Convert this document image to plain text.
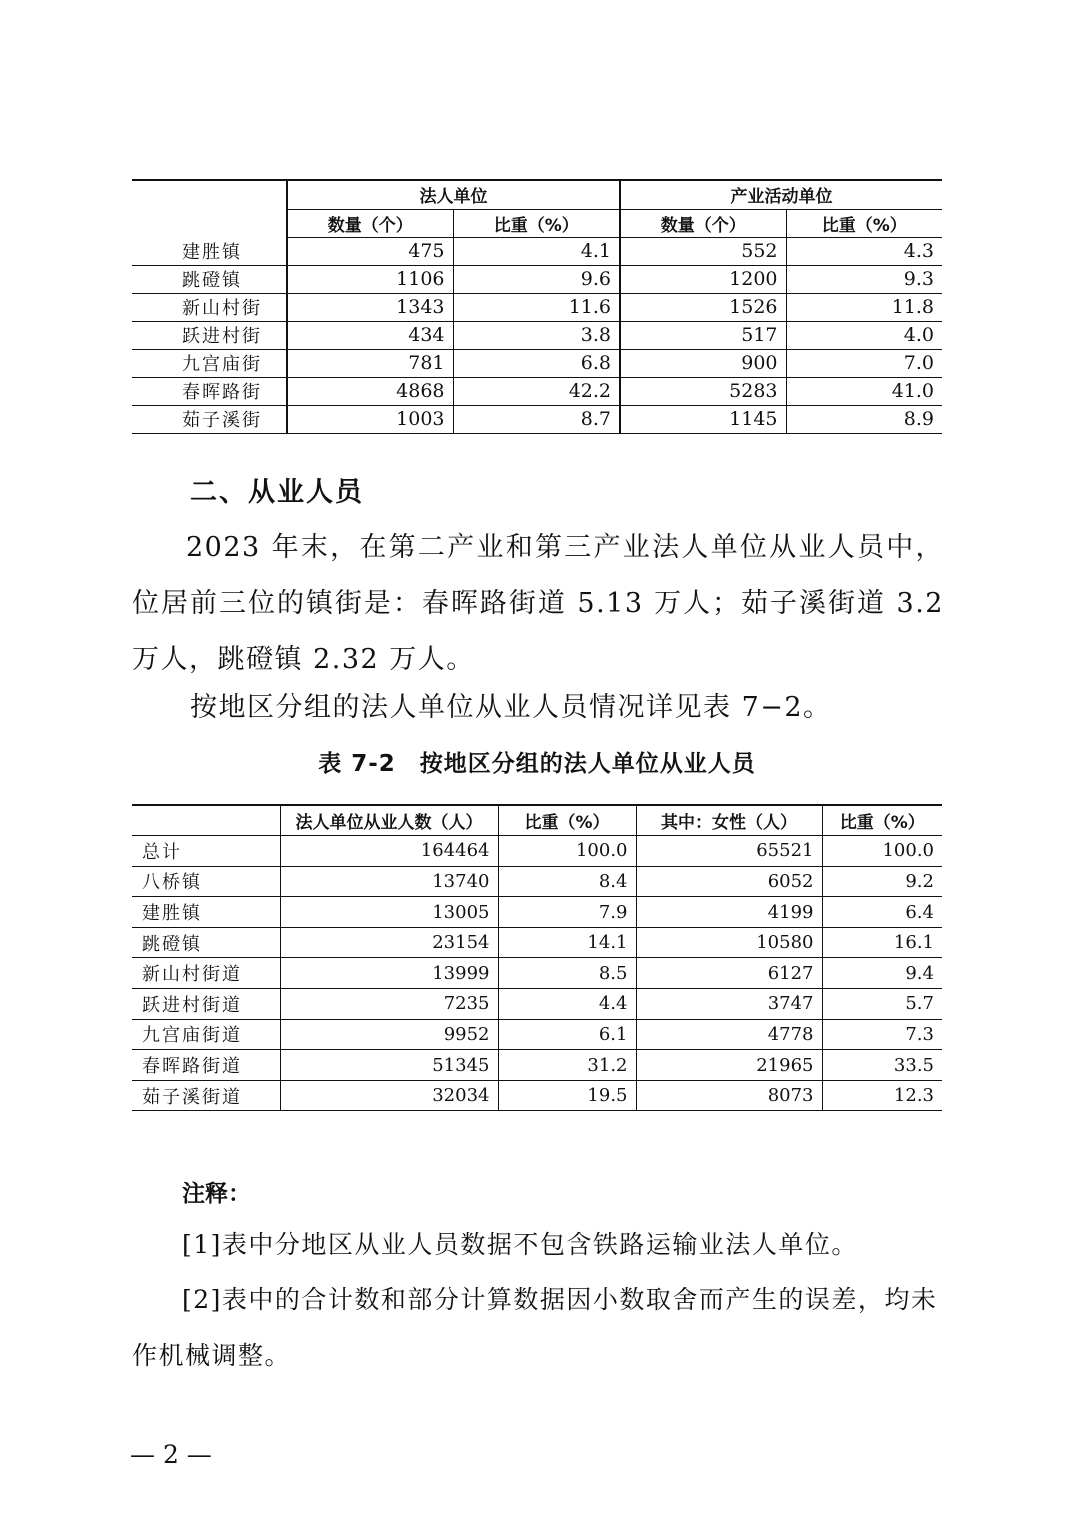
	法人单位		产业活动单位	
	数量（个）	比重（%）	数量（个）	比重（%）
建胜镇	475	4.1	552	4.3
跳磴镇	1106	9.6	1200	9.3
新山村街	1343	11.6	1526	11.8
跃进村街	434	3.8	517	4.0
九宫庙街	781	6.8	900	7.0
春晖路街	4868	42.2	5283	41.0
茹子溪街	1003	8.7	1145	8.9
二、从业人员
2023 年末，在第二产业和第三产业法人单位从业人员中，位居前三位的镇街是：春晖路街道 5.13 万人；茹子溪街道 3.2 万人，跳磴镇 2.32 万人。
按地区分组的法人单位从业人员情况详见表 7−2。
表 7-2　按地区分组的法人单位从业人员
	法人单位从业人数（人）	比重（%）	其中：女性（人）	比重（%）
总计	164464	100.0	65521	100.0
八桥镇	13740	8.4	6052	9.2
建胜镇	13005	7.9	4199	6.4
跳磴镇	23154	14.1	10580	16.1
新山村街道	13999	8.5	6127	9.4
跃进村街道	7235	4.4	3747	5.7
九宫庙街道	9952	6.1	4778	7.3
春晖路街道	51345	31.2	21965	33.5
茹子溪街道	32034	19.5	8073	12.3
注释：
[1]表中分地区从业人员数据不包含铁路运输业法人单位。
[2]表中的合计数和部分计算数据因小数取舍而产生的误差，均未作机械调整。
— 2 —
